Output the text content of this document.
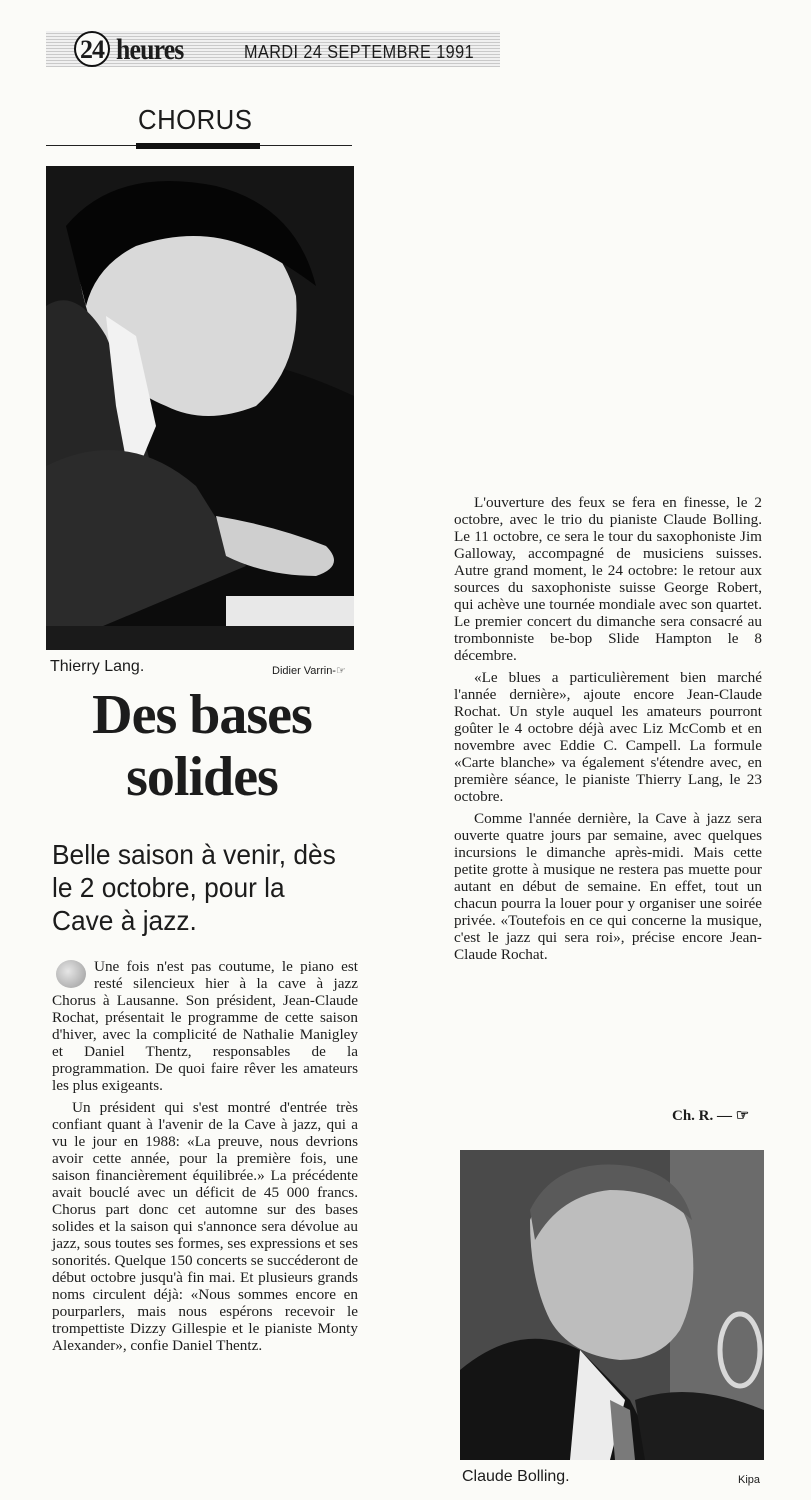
24 heures	MARDI 24 SEPTEMBRE 1991
CHORUS
Thierry Lang.	Didier Varrin-☞
Des bases solides
Belle saison à venir, dès le 2 octobre, pour la Cave à jazz.

Une fois n'est pas coutume, le piano est resté silencieux hier à la cave à jazz Chorus à Lausanne. Son président, Jean-Claude Rochat, présentait le programme de cette saison d'hiver, avec la complicité de Nathalie Manigley et Daniel Thentz, responsables de la programmation. De quoi faire rêver les amateurs les plus exigeants.

Un président qui s'est montré d'entrée très confiant quant à l'avenir de la Cave à jazz, qui a vu le jour en 1988: «La preuve, nous devrions avoir cette année, pour la première fois, une saison financièrement équilibrée.» La précédente avait bouclé avec un déficit de 45 000 francs. Chorus part donc cet automne sur des bases solides et la saison qui s'annonce sera dévolue au jazz, sous toutes ses formes, ses expressions et ses sonorités. Quelque 150 concerts se succéderont de début octobre jusqu'à fin mai. Et plusieurs grands noms circulent déjà: «Nous sommes encore en pourparlers, mais nous espérons recevoir le trompettiste Dizzy Gillespie et le pianiste Monty Alexander», confie Daniel Thentz.

L'ouverture des feux se fera en finesse, le 2 octobre, avec le trio du pianiste Claude Bolling. Le 11 octobre, ce sera le tour du saxophoniste Jim Galloway, accompagné de musiciens suisses. Autre grand moment, le 24 octobre: le retour aux sources du saxophoniste suisse George Robert, qui achève une tournée mondiale avec son quartet. Le premier concert du dimanche sera consacré au trombonniste be-bop Slide Hampton le 8 décembre.

«Le blues a particulièrement bien marché l'année dernière», ajoute encore Jean-Claude Rochat. Un style auquel les amateurs pourront goûter le 4 octobre déjà avec Liz McComb et en novembre avec Eddie C. Campell. La formule «Carte blanche» va également s'étendre avec, en première séance, le pianiste Thierry Lang, le 23 octobre.

Comme l'année dernière, la Cave à jazz sera ouverte quatre jours par semaine, avec quelques incursions le dimanche après-midi. Mais cette petite grotte à musique ne restera pas muette pour autant en début de semaine. En effet, tout un chacun pourra la louer pour y organiser une soirée privée. «Toutefois en ce qui concerne la musique, c'est le jazz qui sera roi», précise encore Jean-Claude Rochat.

Ch. R. — ☞
Claude Bolling.	Kipa
